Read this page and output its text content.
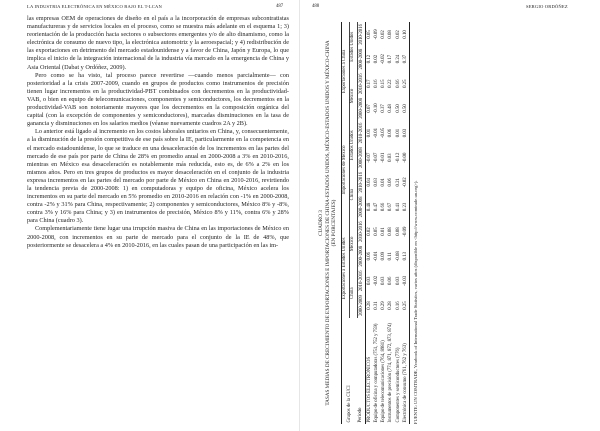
LA INDUSTRIA ELECTRÓNICA EN MÉXICO BAJO EL T-LCAN	487

las empresas OEM de operaciones de diseño en el país a la incorporación de empresas subcontratistas manufactureras y de servicios locales en el proceso, como se muestra más adelante en el esquema 1; 3) reorientación de la producción hacia sectores o subsectores emergentes y/o de alto dinamismo, como la electrónica de consumo de nuevo tipo, la electrónica automotriz y la aeroespacial; y 4) redistribución de las exportaciones en detrimento del mercado estadounidense y a favor de China, Japón y Europa, lo que implica el inicio de la integración internacional de la industria vía mercado en la emergencia de China y Asia Oriental (Dabat y Ordóñez, 2009).

Pero como se ha visto, tal proceso parece revertirse —cuando menos parcialmente— con posterioridad a la crisis 2007-2009, cuando en grupos de productos como instrumentos de precisión tienen lugar incrementos en la productividad-PBT combinados con decrementos en la productividad-VAB, o bien en equipo de telecomunicaciones, componentes y semiconductores, los decrementos en la productividad-VAB son notoriamente mayores que los decrementos en la composición orgánica del capital (con la excepción de componentes y semiconductores), marcadas disminuciones en la tasa de ganancia y disminuciones en los salarios medios (véanse nuevamente cuadros 2A y 2B).

Lo anterior está ligado al incremento en los costos laborales unitarios en China, y, consecuentemente, a la disminución de la presión competitiva de ese país sobre la IE, particularmente en la competencia en el mercado estadounidense, lo que se traduce en una desaceleración de los incrementos en las partes del mercado de ese país por parte de China de 28% en promedio anual en 2000-2008 a 3% en 2010-2016, mientras en México esa desaceleración es notablemente más reducida, esto es, de 6% a 2% en los mismos años. Pero en tres grupos de productos es mayor desaceleración en el conjunto de la industria expresa incrementos en las partes del mercado por parte de México en China en 2010-2016, revirtiendo la tendencia previa de 2000-2008: 1) en computadoras y equipo de oficina, México acelera los incrementos en su parte del mercado en 5% promedio en 2010-2016 en relación con -1% en 2000-2008, contra -2% y 31% para China, respectivamente; 2) componentes y semiconductores, México 8% y -8%, contra 3% y 16% para China; y 3) en instrumentos de precisión, México 8% y 11%, contra 6% y 28% para China (cuadro 3).

Complementariamente tiene lugar una irrupción masiva de China en las importaciones de México en 2000-2008, con incrementos en su parte de mercado para el conjunto de la IE de 48%, que posteriormente se desacelera a 4% en 2010-2016, en las cuales pasan de una participación en las im-

488	SERGIO ORDÓÑEZ

CUADRO 3 TASAS MEDIAS DE CRECIMIENTO DE EXPORTACIONES E IMPORTACIONES DE CHINA-ESTADOS UNIDOS, MÉXICO-ESTADOS UNIDOS Y MÉXICO-CHINA (EN PORCENTAJES)

Grupos de la CUCI	Exportaciones a Estados Unidos				Importaciones de México				Exportaciones a China			
	China		México		China		Estados Unidos		México		Estados Unidos	
Periodo	2000-2009	2010-2016	2000-2008	2010-2016	2000-2008	2010-2016	2000-2008	2010-2016	2000-2008	2010-2016	2000-2008	2010-2016
PRODUCTOS ELECTRÓNICOS	0.28	0.03	0.06	0.02	0.48	0.04	-0.07	0.01	0.07	0.17	0.12	0.05
Equipo de oficina y computadoras (751, 752 y 759)	0.31	-0.02	-0.01	0.05	0.47	0.03	-0.07	-0.01	-0.10	0.16	0.02	-0.09
Equipo de telecomunicaciones (764, 8981)	0.29	0.03	0.09	0.01	0.66	0.01	-0.01	-0.05	0.37	0.15	-0.02	0.02
Instrumentos de precisión (774, 871, 872, 873, 874)	0.28	0.06	0.11	0.08	0.67	0.06	0.03	0.06	0.48	0.22	0.17	0.08
Componentes y semiconductores (776)	0.16	0.03	-0.08	0.08	0.41	0.21	-0.12	0.01	0.50	0.66	0.24	0.02
Electrónica de consumo (761, 762 y 763)	0.25	-0.03	0.13	-0.09	0.23	-0.02	-0.00	0.03	0.50	0.25	0.37	0.10

FUENTE: UN COMTRADE, Yearbook of International Trade Statistics, varios años (disponible en <http://www.comtrade.un.org>).
